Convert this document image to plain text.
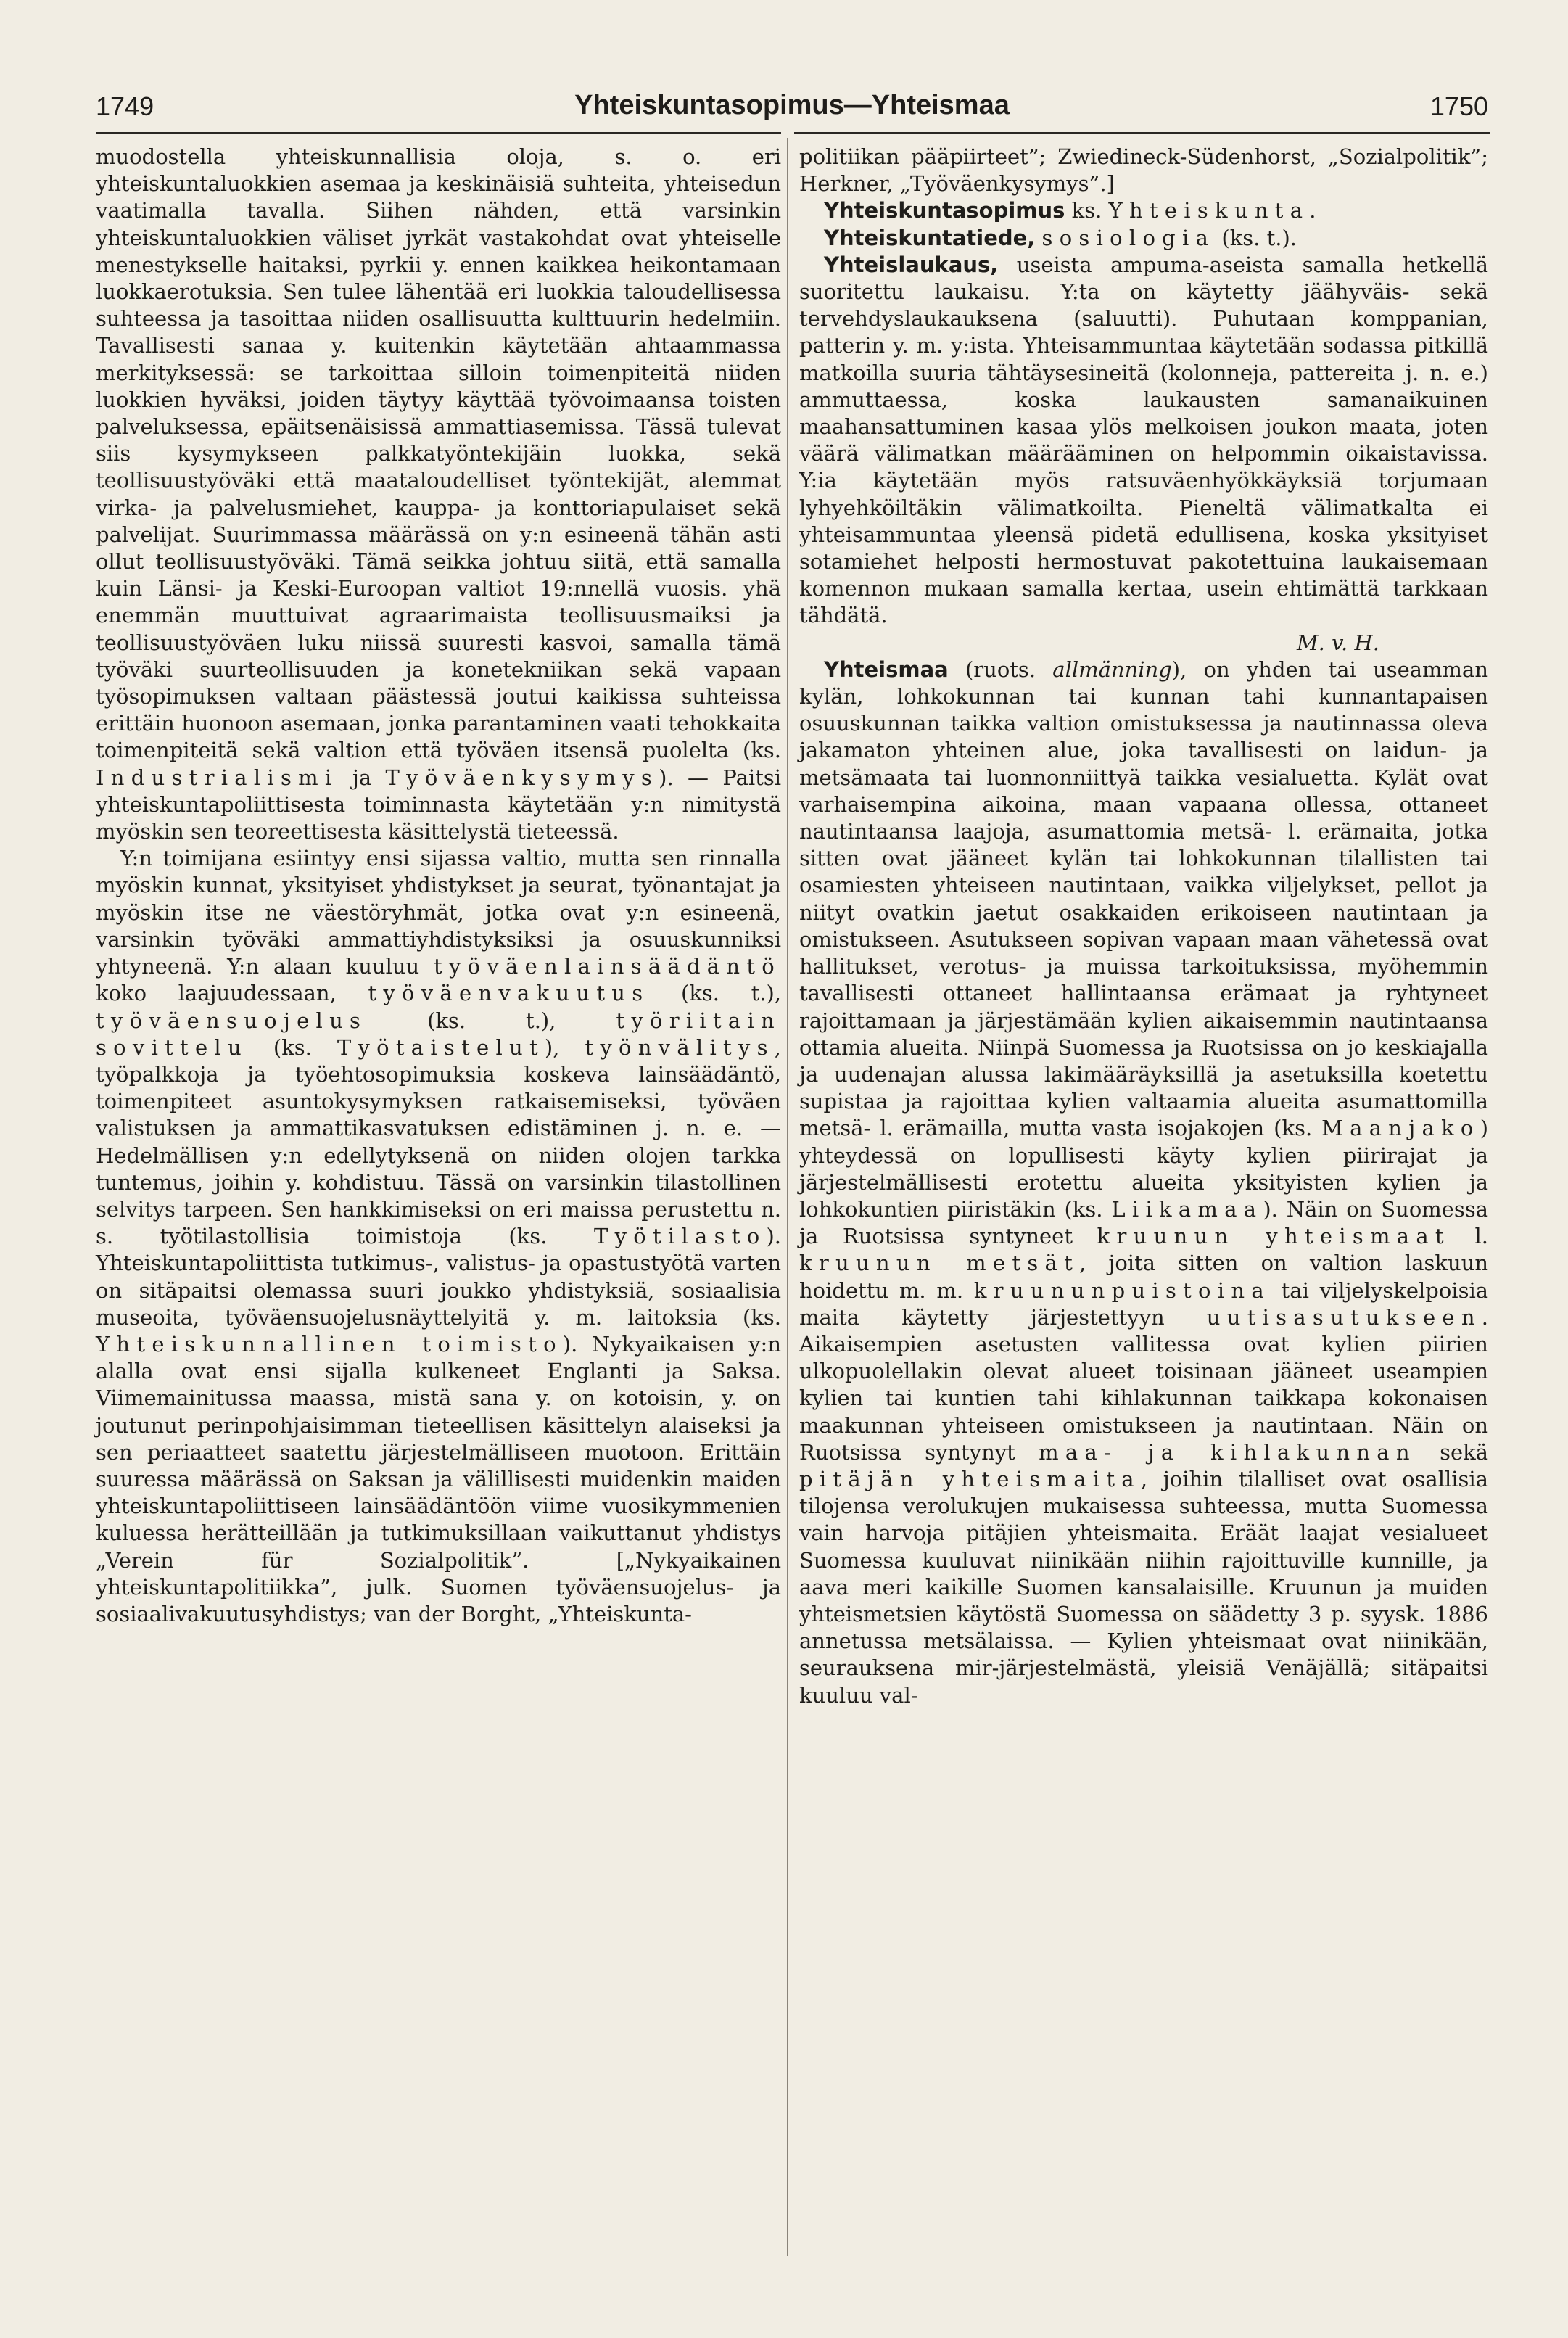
1749	Yhteiskuntasopimus—Yhteismaa	1750

muodostella yhteiskunnallisia oloja, s. o. eri yhteiskuntaluokkien asemaa ja keskinäisiä suhteita, yhteisedun vaatimalla tavalla. Siihen nähden, että varsinkin yhteiskuntaluokkien väliset jyrkät vastakohdat ovat yhteiselle menestykselle haitaksi, pyrkii y. ennen kaikkea heikontamaan luokkaerotuksia. Sen tulee lähentää eri luokkia taloudellisessa suhteessa ja tasoittaa niiden osallisuutta kulttuurin hedelmiin. Tavallisesti sanaa y. kuitenkin käytetään ahtaammassa merkityksessä: se tarkoittaa silloin toimenpiteitä niiden luokkien hyväksi, joiden täytyy käyttää työvoimaansa toisten palveluksessa, epäitsenäisissä ammattiasemissa. Tässä tulevat siis kysymykseen palkkatyöntekijäin luokka, sekä teollisuustyöväki että maataloudelliset työntekijät, alemmat virka- ja palvelusmiehet, kauppa- ja konttoriapulaiset sekä palvelijat. Suurimmassa määrässä on y:n esineenä tähän asti ollut teollisuustyöväki. Tämä seikka johtuu siitä, että samalla kuin Länsi- ja Keski-Euroopan valtiot 19:nnellä vuosis. yhä enemmän muuttuivat agraarimaista teollisuusmaiksi ja teollisuustyöväen luku niissä suuresti kasvoi, samalla tämä työväki suurteollisuuden ja konetekniikan sekä vapaan työsopimuksen valtaan päästessä joutui kaikissa suhteissa erittäin huonoon asemaan, jonka parantaminen vaati tehokkaita toimenpiteitä sekä valtion että työväen itsensä puolelta (ks. Industrialismi ja Työväenkysymys). — Paitsi yhteiskuntapoliittisesta toiminnasta käytetään y:n nimitystä myöskin sen teoreettisesta käsittelystä tieteessä.

Y:n toimijana esiintyy ensi sijassa valtio, mutta sen rinnalla myöskin kunnat, yksityiset yhdistykset ja seurat, työnantajat ja myöskin itse ne väestöryhmät, jotka ovat y:n esineenä, varsinkin työväki ammattiyhdistyksiksi ja osuuskunniksi yhtyneenä. Y:n alaan kuuluu työväenlainsäädäntö koko laajuudessaan, työväenvakuutus (ks. t.), työväensuojelus	(ks. t.),	työriitain sovittelu (ks. Työtaistelut), työnvälitys, työpalkkoja ja työehtosopimuksia koskeva lainsäädäntö, toimenpiteet asuntokysymyksen ratkaisemiseksi, työväen valistuksen ja ammattikasvatuksen edistäminen j. n. e. — Hedelmällisen y:n edellytyksenä on niiden olojen tarkka tuntemus, joihin y. kohdistuu. Tässä on varsinkin tilastollinen selvitys tarpeen. Sen hankkimiseksi on eri maissa perustettu n. s. työtilastollisia toimistoja (ks. Työtilasto). Yhteiskuntapoliittista tutkimus-, valistus- ja opastustyötä varten on sitäpaitsi olemassa suuri joukko yhdistyksiä, sosiaalisia museoita, työväensuojelusnäyttelyitä y. m. laitoksia (ks. Yhteiskunnallinen toimisto). Nykyaikaisen y:n alalla ovat ensi sijalla kulkeneet Englanti ja Saksa. Viimemainitussa maassa, mistä sana y. on kotoisin, y. on joutunut perinpohjaisimman tieteellisen käsittelyn alaiseksi ja sen periaatteet saatettu järjestelmälliseen muotoon. Erittäin suuressa määrässä on Saksan ja välillisesti muidenkin maiden yhteiskuntapoliittiseen lainsäädäntöön viime vuosikymmenien kuluessa herätteillään ja tutkimuksillaan vaikuttanut yhdistys „Verein für Sozialpolitik”. [„Nykyaikainen yhteiskuntapolitiikka”, julk. Suomen työväensuojelus- ja sosiaalivakuutusyhdistys; van der Borght, „Yhteiskunta-

politiikan pääpiirteet”; Zwiedineck-Südenhorst, „Sozialpolitik”; Herkner, „Työväenkysymys”.]

Yhteiskuntasopimus ks. Yhteiskunta.

Yhteiskuntatiede, sosiologia (ks. t.).

Yhteislaukaus, useista ampuma-aseista samalla hetkellä suoritettu laukaisu. Y:ta on käytetty jäähyväis- sekä tervehdyslaukauksena (saluutti). Puhutaan komppanian, patterin y. m. y:ista. Yhteisammuntaa käytetään sodassa pitkillä matkoilla suuria tähtäysesineitä (kolonneja, pattereita j. n. e.) ammuttaessa, koska laukausten samanaikuinen maahansattuminen kasaa ylös melkoisen joukon maata, joten väärä välimatkan määrääminen on helpommin oikaistavissa. Y:ia käytetään myös ratsuväenhyökkäyksiä torjumaan lyhyehköiltäkin välimatkoilta. Pieneltä välimatkalta ei yhteisammuntaa yleensä pidetä edullisena, koska yksityiset sotamiehet helposti hermostuvat pakotettuina laukaisemaan komennon mukaan samalla kertaa, usein ehtimättä tarkkaan tähdätä.
M. v. H.

Yhteismaa (ruots. allmänning), on yhden tai useamman kylän, lohkokunnan tai kunnan tahi kunnantapaisen osuuskunnan taikka valtion omistuksessa ja nautinnassa oleva jakamaton yhteinen alue, joka tavallisesti on laidun- ja metsämaata tai luonnonniittyä taikka vesialuetta. Kylät ovat varhaisempina aikoina, maan vapaana ollessa, ottaneet nautintaansa laajoja, asumattomia metsä- l. erämaita, jotka sitten ovat jääneet kylän tai lohkokunnan tilallisten tai osamiesten yhteiseen nautintaan, vaikka viljelykset, pellot ja niityt ovatkin jaetut osakkaiden erikoiseen nautintaan ja omistukseen. Asutukseen sopivan vapaan maan vähetessä ovat hallitukset, verotus- ja muissa tarkoituksissa, myöhemmin tavallisesti ottaneet hallintaansa erämaat ja ryhtyneet rajoittamaan ja järjestämään kylien aikaisemmin nautintaansa ottamia alueita. Niinpä Suomessa ja Ruotsissa on jo keskiajalla ja uudenajan alussa lakimääräyksillä ja asetuksilla koetettu supistaa ja rajoittaa kylien valtaamia alueita asumattomilla metsä- l. erämailla, mutta vasta isojakojen (ks. Maanjako) yhteydessä on lopullisesti käyty kylien piirirajat ja järjestelmällisesti erotettu alueita yksityisten kylien ja lohkokuntien piiristäkin (ks. Liikamaa). Näin on Suomessa ja Ruotsissa syntyneet kruunun yhteismaat l. kruunun metsät, joita sitten on valtion laskuun hoidettu m. m. kruununpuistoina tai viljelyskelpoisia maita käytetty järjestettyyn uutisasutukseen. Aikaisempien asetusten vallitessa ovat kylien piirien ulkopuolellakin olevat alueet toisinaan jääneet useampien kylien tai kuntien tahi kihlakunnan taikkapa kokonaisen maakunnan yhteiseen omistukseen ja nautintaan. Näin on Ruotsissa syntynyt maa- ja kihlakunnan sekä pitäjän yhteismaita, joihin tilalliset ovat osallisia tilojensa verolukujen mukaisessa suhteessa, mutta Suomessa vain harvoja pitäjien yhteismaita. Eräät laajat vesialueet Suomessa kuuluvat niinikään niihin rajoittuville kunnille, ja aava meri kaikille Suomen kansalaisille. Kruunun ja muiden yhteismetsien käytöstä Suomessa on säädetty 3 p. syysk. 1886 annetussa metsälaissa. — Kylien yhteismaat ovat niinikään, seurauksena mir-järjestelmästä, yleisiä Venäjällä; sitäpaitsi kuuluu val-
